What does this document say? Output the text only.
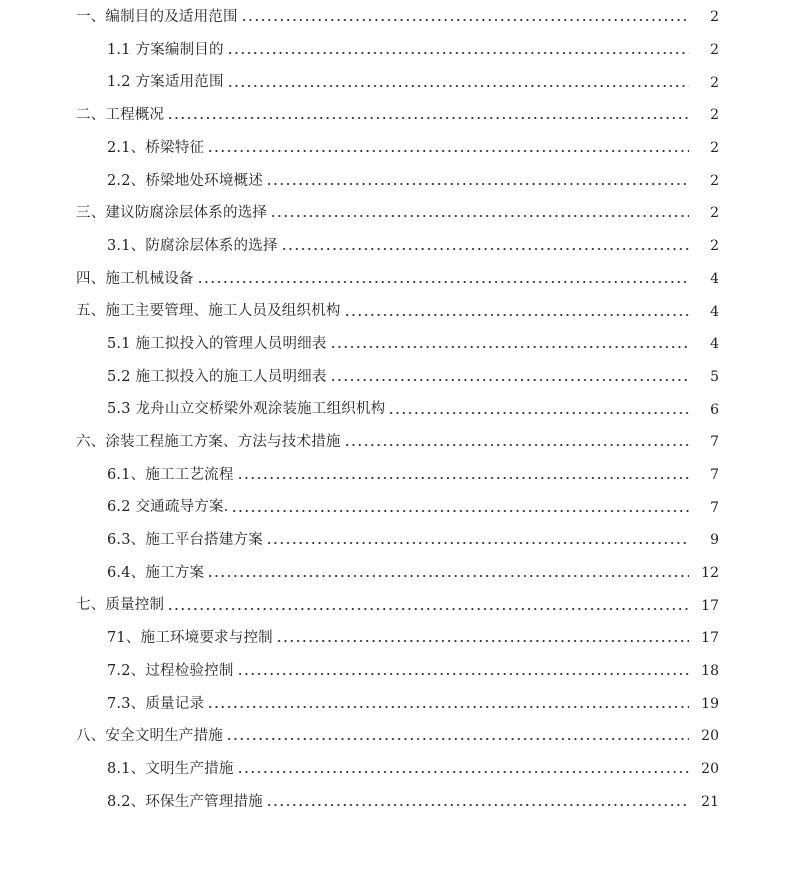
一、编制目的及适用范围	2
1.1 方案编制目的	2
1.2 方案适用范围	2
二、工程概况	2
2.1、桥梁特征	2
2.2、桥梁地处环境概述	2
三、建议防腐涂层体系的选择	2
3.1、防腐涂层体系的选择	2
四、施工机械设备	4
五、施工主要管理、施工人员及组织机构	4
5.1 施工拟投入的管理人员明细表	4
5.2 施工拟投入的施工人员明细表	5
5.3 龙舟山立交桥梁外观涂装施工组织机构	6
六、涂装工程施工方案、方法与技术措施	7
6.1、施工工艺流程	7
6.2 交通疏导方案.	7
6.3、施工平台搭建方案	9
6.4、施工方案	12
七、质量控制	17
71、施工环境要求与控制	17
7.2、过程检验控制	18
7.3、质量记录	19
八、安全文明生产措施	20
8.1、文明生产措施	20
8.2、环保生产管理措施	21
